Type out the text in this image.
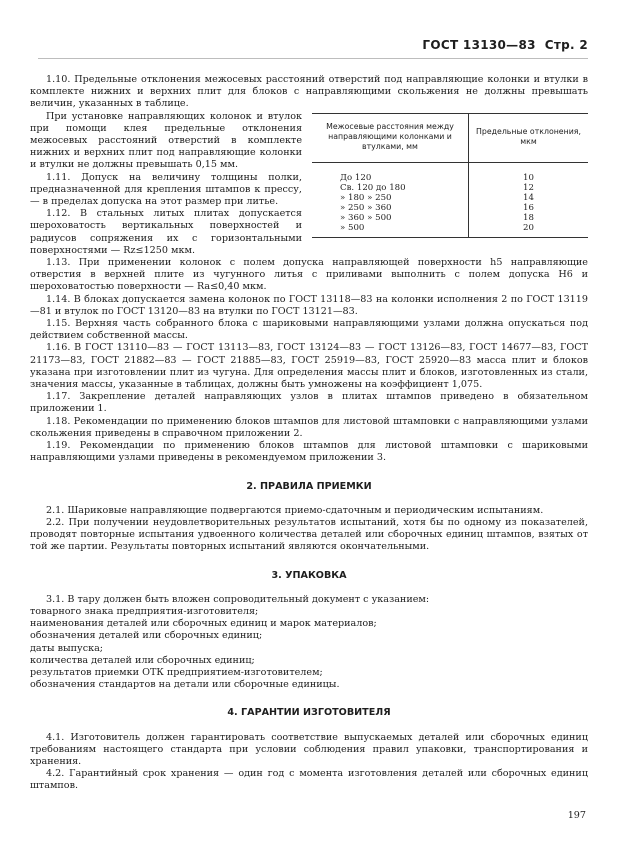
ГОСТ 13130—83 Стр. 2

1.10. Предельные отклонения межосевых расстояний отверстий под направляющие колонки и втулки в комплекте нижних и верхних плит для блоков с направляющими скольжения не должны превышать величин, указанных в таблице.

Межосевые расстояния между направляющими колонками и втулками, мм	Предельные отклонения, мкм
До 120	10
Св. 120 до 180	12
» 180 » 250	14
» 250 » 360	16
» 360 » 500	18
» 500	20

При установке направляющих колонок и втулок при помощи клея предельные отклонения межосевых расстояний отверстий в комплекте нижних и верхних плит под направляющие колонки и втулки не должны превышать 0,15 мм.

1.11. Допуск на величину толщины полки, предназначенной для крепления штампов к прессу, — в пределах допуска на этот размер при литье.

1.12. В стальных литых плитах допускается шероховатость вертикальных поверхностей и радиусов сопряжения их с горизонтальными поверхностями — Rz≤1250 мкм.

1.13. При применении колонок с полем допуска направляющей поверхности h5 направляющие отверстия в верхней плите из чугунного литья с приливами выполнить с полем допуска H6 и шероховатостью поверхности — Ra≤0,40 мкм.

1.14. В блоках допускается замена колонок по ГОСТ 13118—83 на колонки исполнения 2 по ГОСТ 13119—81 и втулок по ГОСТ 13120—83 на втулки по ГОСТ 13121—83.

1.15. Верхняя часть собранного блока с шариковыми направляющими узлами должна опускаться под действием собственной массы.

1.16. В ГОСТ 13110—83 — ГОСТ 13113—83, ГОСТ 13124—83 — ГОСТ 13126—83, ГОСТ 14677—83, ГОСТ 21173—83, ГОСТ 21882—83 — ГОСТ 21885—83, ГОСТ 25919—83, ГОСТ 25920—83 масса плит и блоков указана при изготовлении плит из чугуна. Для определения массы плит и блоков, изготовленных из стали, значения массы, указанные в таблицах, должны быть умножены на коэффициент 1,075.

1.17. Закрепление деталей направляющих узлов в плитах штампов приведено в обязательном приложении 1.

1.18. Рекомендации по применению блоков штампов для листовой штамповки с направляющими узлами скольжения приведены в справочном приложении 2.

1.19. Рекомендации по применению блоков штампов для листовой штамповки с шариковыми направляющими узлами приведены в рекомендуемом приложении 3.

2. ПРАВИЛА ПРИЕМКИ

2.1. Шариковые направляющие подвергаются приемо-сдаточным и периодическим испытаниям.

2.2. При получении неудовлетворительных результатов испытаний, хотя бы по одному из показателей, проводят повторные испытания удвоенного количества деталей или сборочных единиц штампов, взятых от той же партии. Результаты повторных испытаний являются окончательными.

3. УПАКОВКА

3.1. В тару должен быть вложен сопроводительный документ с указанием:

товарного знака предприятия-изготовителя;

наименования деталей или сборочных единиц и марок материалов;

обозначения деталей или сборочных единиц;

даты выпуска;

количества деталей или сборочных единиц;

результатов приемки ОТК предприятием-изготовителем;

обозначения стандартов на детали или сборочные единицы.

4. ГАРАНТИИ ИЗГОТОВИТЕЛЯ

4.1. Изготовитель должен гарантировать соответствие выпускаемых деталей или сборочных единиц требованиям настоящего стандарта при условии соблюдения правил упаковки, транспортирования и хранения.

4.2. Гарантийный срок хранения — один год с момента изготовления деталей или сборочных единиц штампов.

197
